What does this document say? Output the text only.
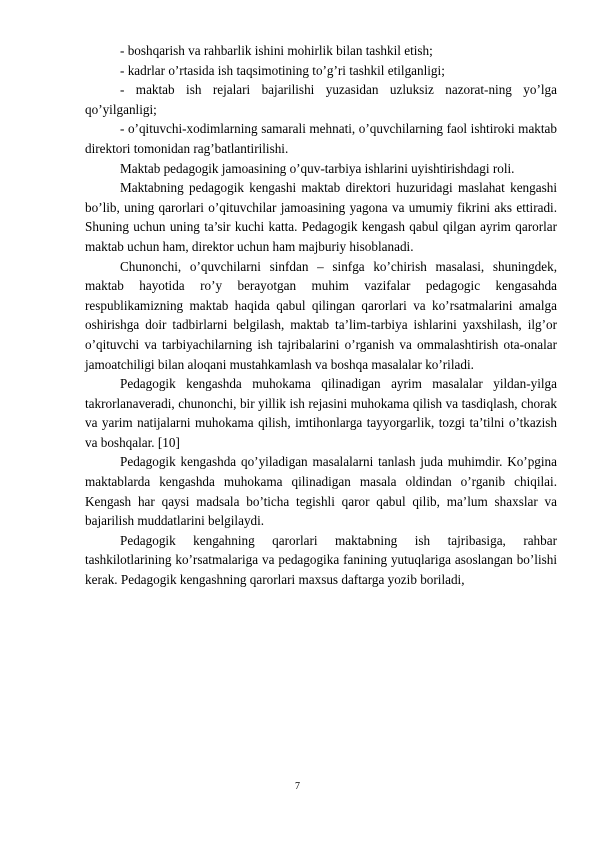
- boshqarish va rahbarlik ishini mohirlik bilan tashkil etish;

- kadrlar o’rtasida ish taqsimotining to’g’ri tashkil etilganligi;

- maktab ish rejalari bajarilishi yuzasidan uzluksiz nazorat-ning yo’lga qo’yilganligi;

- o’qituvchi-xodimlarning samarali mehnati, o’quvchilarning faol ishtiroki maktab direktori tomonidan rag’batlantirilishi.

Maktab pedagogik jamoasining o’quv-tarbiya ishlarini uyishtirishdagi roli.

Maktabning pedagogik kengashi maktab direktori huzuridagi maslahat kengashi bo’lib, uning qarorlari o’qituvchilar jamoasining yagona va umumiy fikrini aks ettiradi. Shuning uchun uning ta’sir kuchi katta. Pedagogik kengash qabul qilgan ayrim qarorlar maktab uchun ham, direktor uchun ham majburiy hisoblanadi.

Chunonchi, o’quvchilarni sinfdan – sinfga ko’chirish masalasi, shuningdek, maktab hayotida ro’y berayotgan muhim vazifalar pedagogic kengasahda respublikamizning maktab haqida qabul qilingan qarorlari va ko’rsatmalarini amalga oshirishga doir tadbirlarni belgilash, maktab ta’lim-tarbiya ishlarini yaxshilash, ilg’or o’qituvchi va tarbiyachilarning ish tajribalarini o’rganish va ommalashtirish ota-onalar jamoatchiligi bilan aloqani mustahkamlash va boshqa masalalar ko’riladi.

Pedagogik kengashda muhokama qilinadigan ayrim masalalar yildan-yilga takrorlanaveradi, chunonchi, bir yillik ish rejasini muhokama qilish va tasdiqlash, chorak va yarim natijalarni muhokama qilish, imtihonlarga tayyorgarlik, tozgi ta’tilni o’tkazish va boshqalar. [10]

Pedagogik kengashda qo’yiladigan masalalarni tanlash juda muhimdir. Ko’pgina maktablarda kengashda muhokama qilinadigan masala oldindan o’rganib chiqilai. Kengash har qaysi madsala bo’ticha tegishli qaror qabul qilib, ma’lum shaxslar va bajarilish muddatlarini belgilaydi.

Pedagogik kengahning qarorlari maktabning ish tajribasiga, rahbar tashkilotlarining ko’rsatmalariga va pedagogika fanining yutuqlariga asoslangan bo’lishi kerak. Pedagogik kengashning qarorlari maxsus daftarga yozib boriladi,

7
